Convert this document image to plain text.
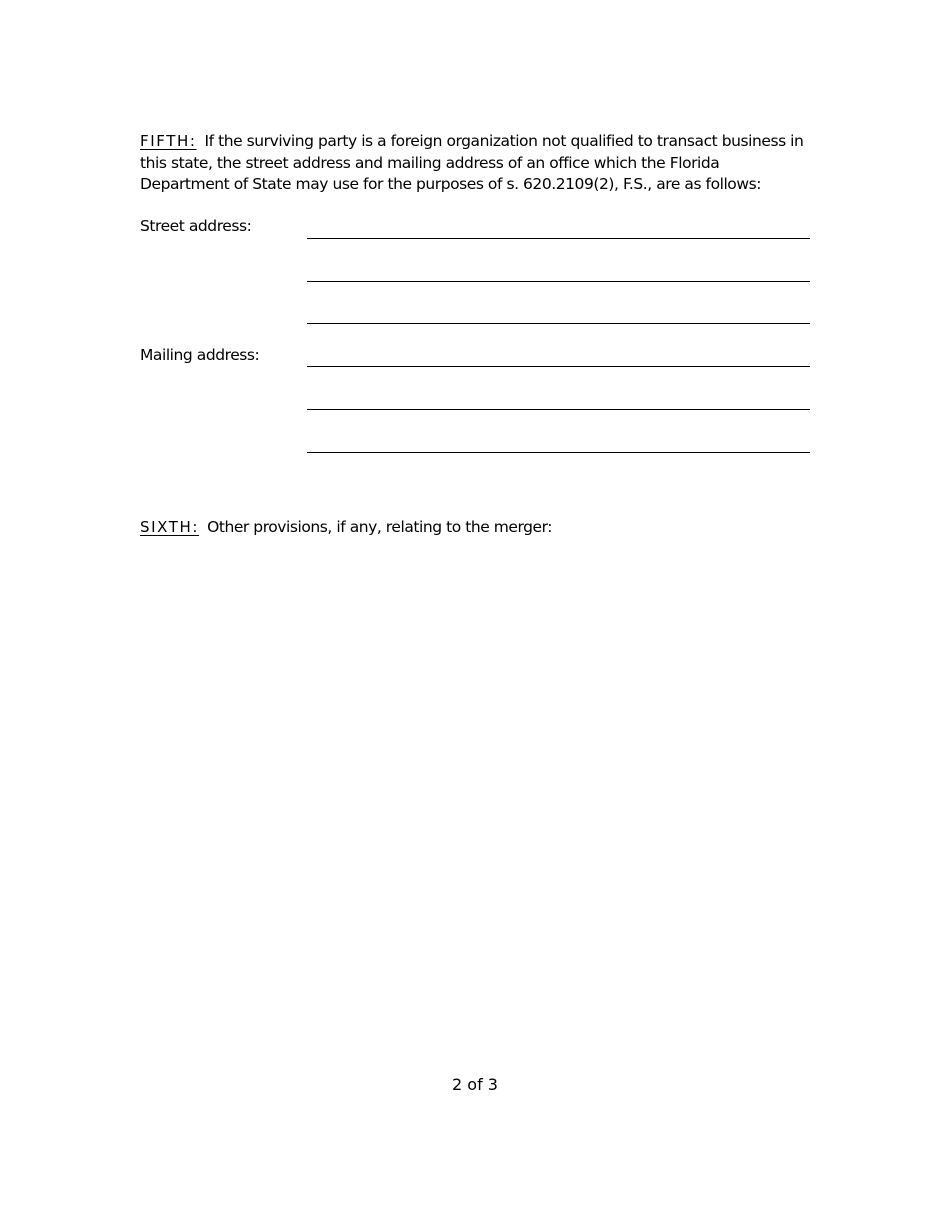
FIFTH: If the surviving party is a foreign organization not qualified to transact business in this state, the street address and mailing address of an office which the Florida Department of State may use for the purposes of s. 620.2109(2), F.S., are as follows:
Street address:
Mailing address:
SIXTH: Other provisions, if any, relating to the merger:
2 of 3
